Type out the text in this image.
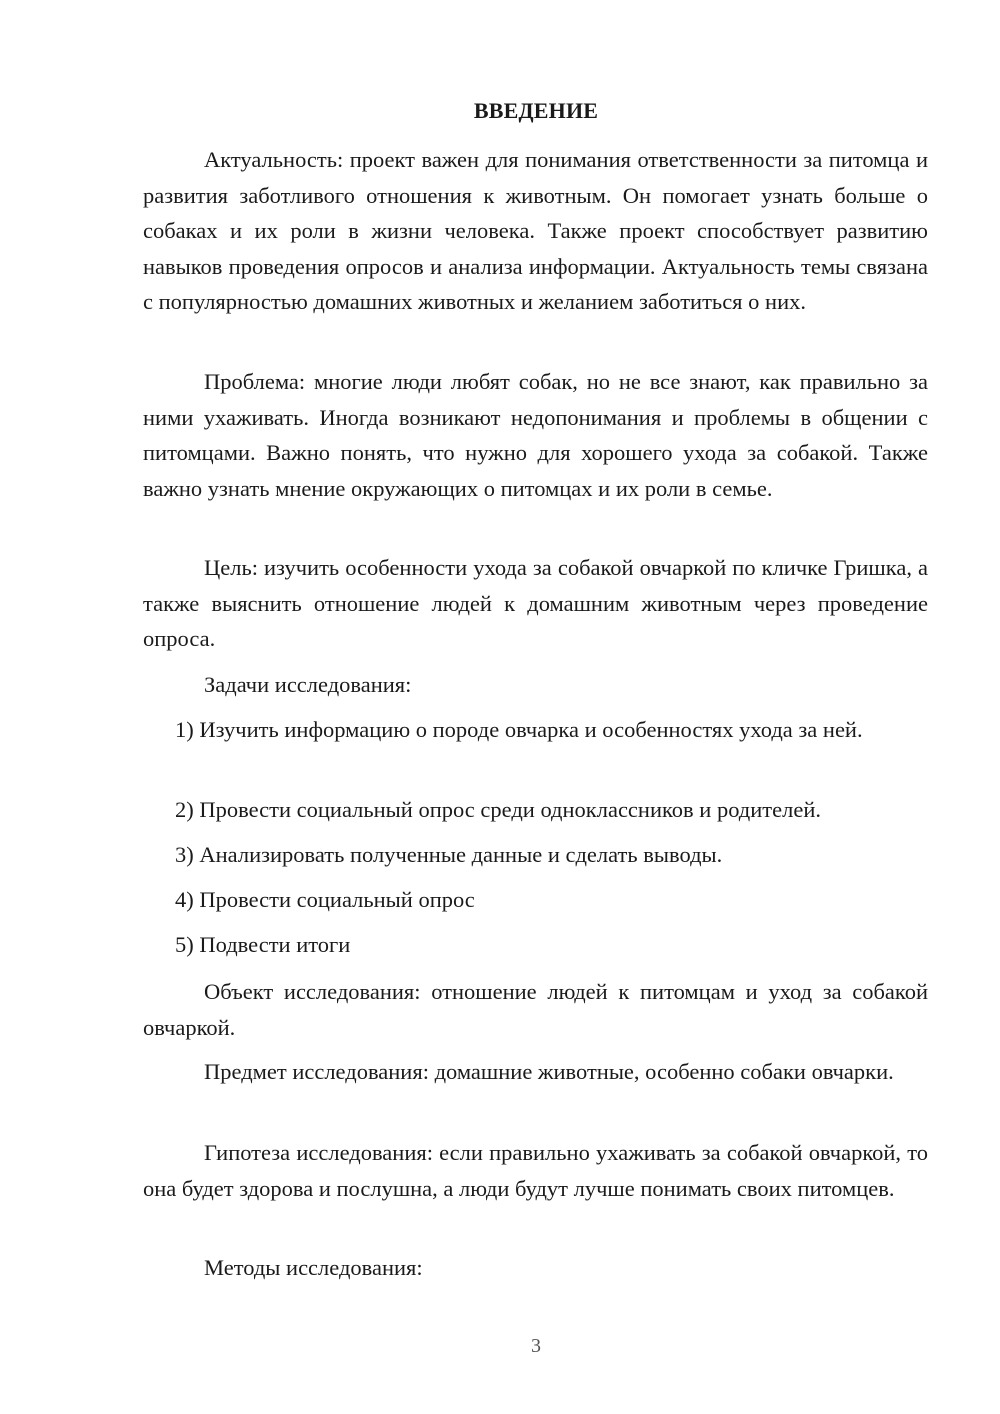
ВВЕДЕНИЕ

Актуальность: проект важен для понимания ответственности за питомца и развития заботливого отношения к животным. Он помогает узнать больше о собаках и их роли в жизни человека. Также проект способствует развитию навыков проведения опросов и анализа информации. Актуальность темы связана с популярностью домашних животных и желанием заботиться о них.

Проблема: многие люди любят собак, но не все знают, как правильно за ними ухаживать. Иногда возникают недопонимания и проблемы в общении с питомцами. Важно понять, что нужно для хорошего ухода за собакой. Также важно узнать мнение окружающих о питомцах и их роли в семье.

Цель: изучить особенности ухода за собакой овчаркой по кличке Гришка, а также выяснить отношение людей к домашним животным через проведение опроса.

Задачи исследования:

1) Изучить информацию о породе овчарка и особенностях ухода за ней.

2) Провести социальный опрос среди одноклассников и родителей.

3) Анализировать полученные данные и сделать выводы.

4) Провести социальный опрос

5) Подвести итоги

Объект исследования: отношение людей к питомцам и уход за собакой овчаркой.

Предмет исследования: домашние животные, особенно собаки овчарки.

Гипотеза исследования: если правильно ухаживать за собакой овчаркой, то она будет здорова и послушна, а люди будут лучше понимать своих питомцев.

Методы исследования:

3
